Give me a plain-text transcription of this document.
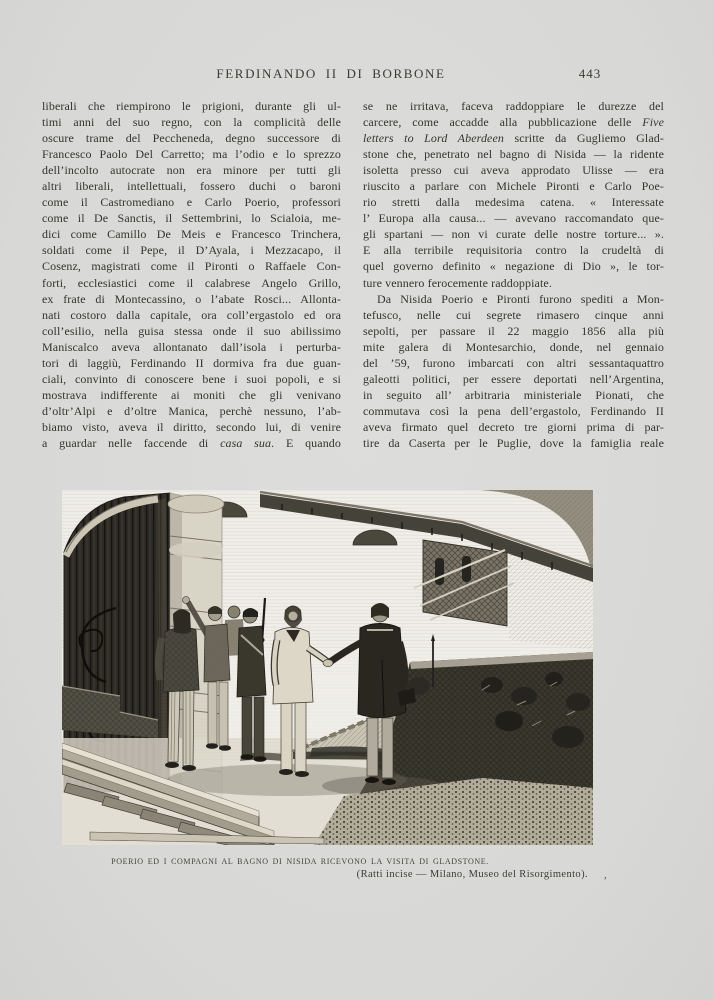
FERDINANDO II DI BORBONE	443
liberali che riempirono le prigioni, durante gli ul-
timi anni del suo regno, con la complicità delle
oscure trame del Peccheneda, degno successore di
Francesco Paolo Del Carretto; ma l’odio e lo sprezzo
dell’incolto autocrate non era minore per tutti gli
altri liberali, intellettuali, fossero duchi o baroni
come il Castromediano e Carlo Poerio, professori
come il De Sanctis, il Settembrini, lo Scialoia, me-
dici come Camillo De Meis e Francesco Trinchera,
soldati come il Pepe, il D’Ayala, i Mezzacapo, il
Cosenz, magistrati come il Pironti o Raffaele Con-
forti, ecclesiastici come il calabrese Angelo Grillo,
ex frate di Montecassino, o l’abate Rosci... Allonta-
nati costoro dalla capitale, ora coll’ergastolo ed ora
coll’esilio, nella guisa stessa onde il suo abilissimo
Maniscalco aveva allontanato dall’isola i perturba-
tori di laggiù, Ferdinando II dormiva fra due guan-
ciali, convinto di conoscere bene i suoi popoli, e si
mostrava indifferente ai moniti che gli venivano
d’oltr’Alpi e d’oltre Manica, perchè nessuno, l’ab-
biamo visto, aveva il diritto, secondo lui, di venire
a guardar nelle faccende di casa sua. E quando
se ne irritava, faceva raddoppiare le durezze del
carcere, come accadde alla pubblicazione delle Five
letters to Lord Aberdeen scritte da Gugliemo Glad-
stone che, penetrato nel bagno di Nisida — la ridente
isoletta presso cui aveva approdato Ulisse — era
riuscito a parlare con Michele Pironti e Carlo Poe-
rio stretti dalla medesima catena. « Interessate
l’ Europa alla causa... — avevano raccomandato que-
gli spartani — non vi curate delle nostre torture... ».
E alla terribile requisitoria contro la crudeltà di
quel governo definito « negazione di Dio », le tor-
ture vennero ferocemente raddoppiate.
Da Nisida Poerio e Pironti furono spediti a Mon-
tefusco, nelle cui segrete rimasero cinque anni
sepolti, per passare il 22 maggio 1856 alla più
mite galera di Montesarchio, donde, nel gennaio
del ’59, furono imbarcati con altri sessantaquattro
galeotti politici, per essere deportati nell’Argentina,
in seguito all’ arbitraria ministeriale Pionati, che
commutava così la pena dell’ergastolo, Ferdinando II
aveva firmato quel decreto tre giorni prima di par-
tire da Caserta per le Puglie, dove la famiglia reale
POERIO ED I COMPAGNI AL BAGNO DI NISIDA RICEVONO LA VISITA DI GLADSTONE.
(Ratti incise — Milano, Museo del Risorgimento). ,
